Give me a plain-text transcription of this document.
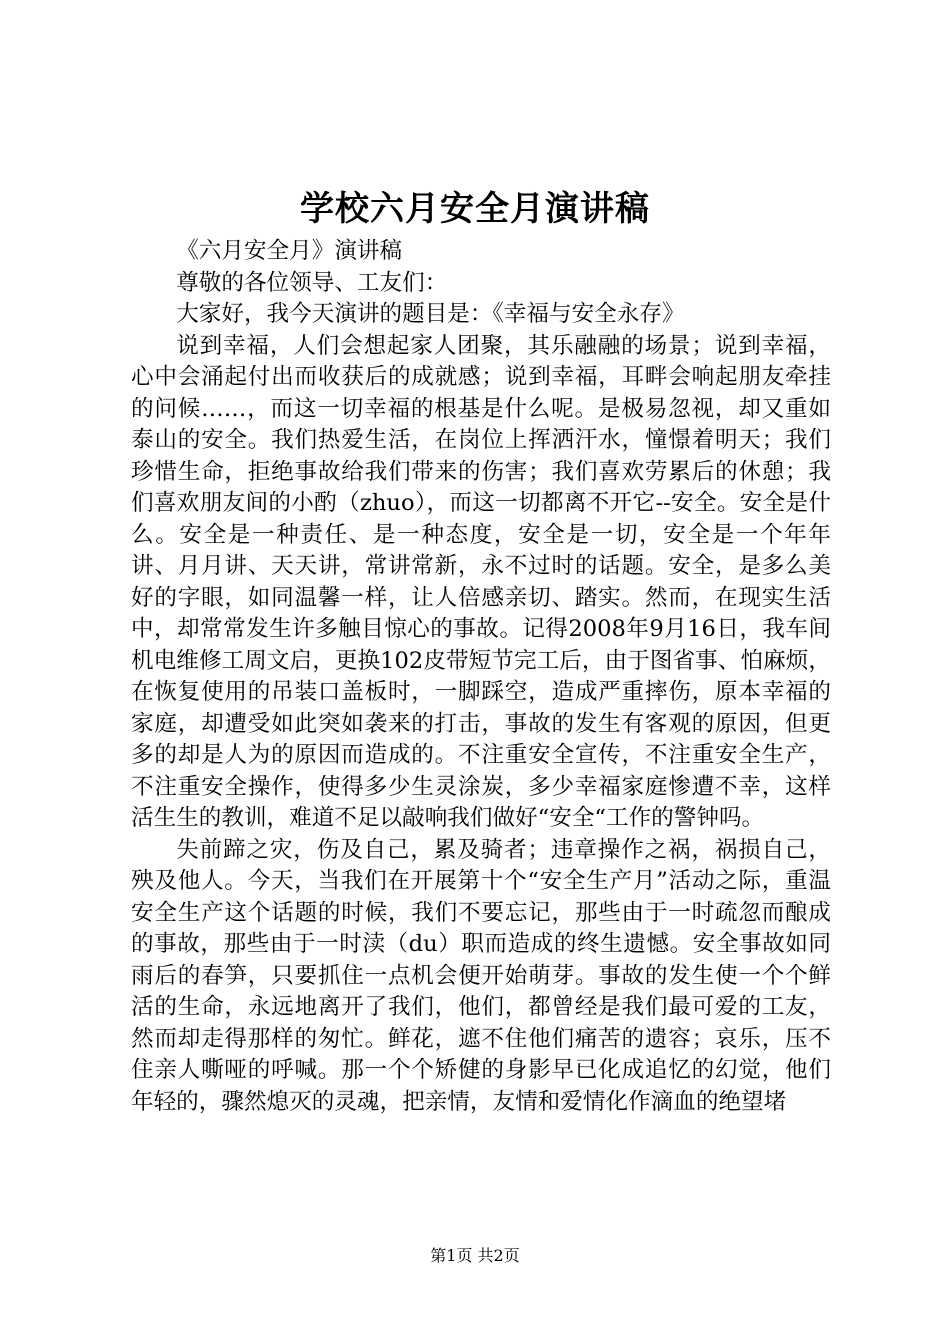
学校六月安全月演讲稿

《六月安全月》演讲稿

尊敬的各位领导、工友们：

大家好，我今天演讲的题目是：《幸福与安全永存》

说到幸福，人们会想起家人团聚，其乐融融的场景；说到幸福，心中会涌起付出而收获后的成就感；说到幸福，耳畔会响起朋友牵挂的问候……，而这一切幸福的根基是什么呢。是极易忽视，却又重如泰山的安全。我们热爱生活，在岗位上挥洒汗水，憧憬着明天；我们珍惜生命，拒绝事故给我们带来的伤害；我们喜欢劳累后的休憩；我们喜欢朋友间的小酌（zhuo），而这一切都离不开它--安全。安全是什么。安全是一种责任、是一种态度，安全是一切，安全是一个年年讲、月月讲、天天讲，常讲常新，永不过时的话题。安全，是多么美好的字眼，如同温馨一样，让人倍感亲切、踏实。然而，在现实生活中，却常常发生许多触目惊心的事故。记得2008年9月16日，我车间机电维修工周文启，更换102皮带短节完工后，由于图省事、怕麻烦，在恢复使用的吊装口盖板时，一脚踩空，造成严重摔伤，原本幸福的家庭，却遭受如此突如袭来的打击，事故的发生有客观的原因，但更多的却是人为的原因而造成的。不注重安全宣传，不注重安全生产，不注重安全操作，使得多少生灵涂炭，多少幸福家庭惨遭不幸，这样活生生的教训，难道不足以敲响我们做好“安全“工作的警钟吗。

失前蹄之灾，伤及自己，累及骑者；违章操作之祸，祸损自己，殃及他人。今天，当我们在开展第十个“安全生产月”活动之际，重温安全生产这个话题的时候，我们不要忘记，那些由于一时疏忽而酿成的事故，那些由于一时渎（du）职而造成的终生遗憾。安全事故如同雨后的春笋，只要抓住一点机会便开始萌芽。事故的发生使一个个鲜活的生命，永远地离开了我们，他们，都曾经是我们最可爱的工友，然而却走得那样的匆忙。鲜花，遮不住他们痛苦的遗容；哀乐，压不住亲人嘶哑的呼喊。那一个个矫健的身影早已化成追忆的幻觉，他们年轻的，骤然熄灭的灵魂，把亲情，友情和爱情化作滴血的绝望堵

第1页 共2页
